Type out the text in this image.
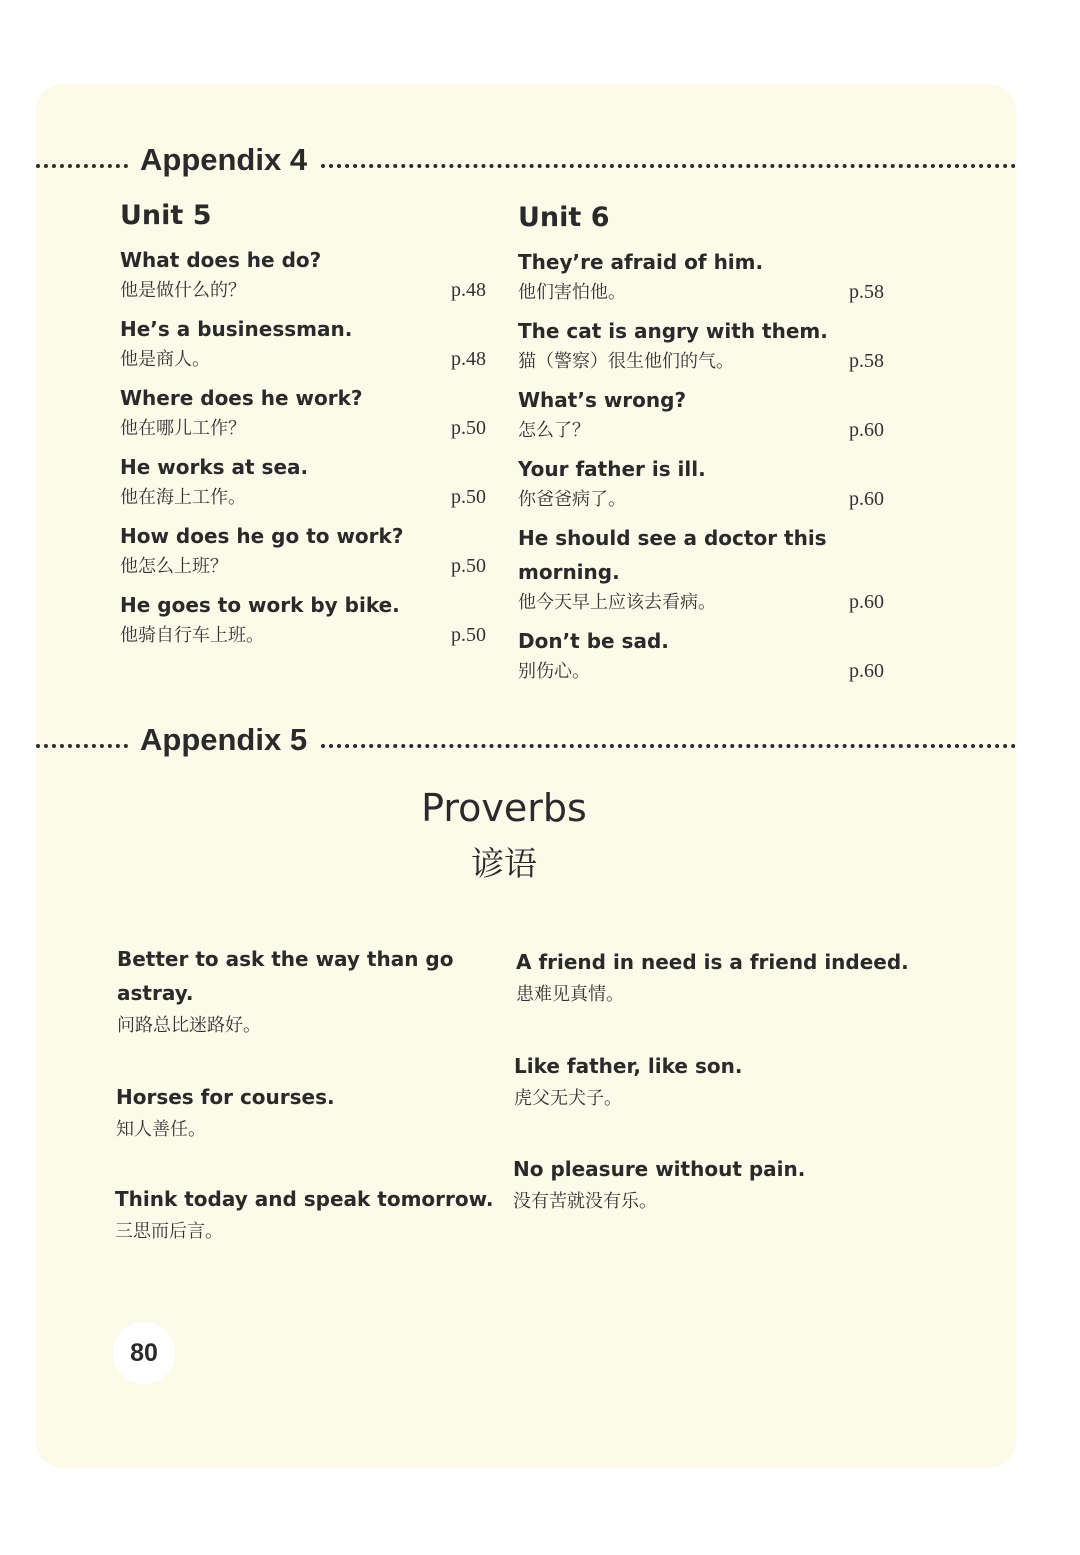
Appendix 4
Unit 5
What does he do?
他是做什么的？	p.48
He’s a businessman.
他是商人。	p.48
Where does he work?
他在哪儿工作？	p.50
He works at sea.
他在海上工作。	p.50
How does he go to work?
他怎么上班？	p.50
He goes to work by bike.
他骑自行车上班。	p.50
Unit 6
They’re afraid of him.
他们害怕他。	p.58
The cat is angry with them.
猫（警察）很生他们的气。	p.58
What’s wrong?
怎么了？	p.60
Your father is ill.
你爸爸病了。	p.60
He should see a doctor this morning.
他今天早上应该去看病。	p.60
Don’t be sad.
别伤心。	p.60
Appendix 5
Proverbs
谚语
Better to ask the way than go astray.
问路总比迷路好。
Horses for courses.
知人善任。
Think today and speak tomorrow.
三思而后言。
A friend in need is a friend indeed.
患难见真情。
Like father, like son.
虎父无犬子。
No pleasure without pain.
没有苦就没有乐。
80
